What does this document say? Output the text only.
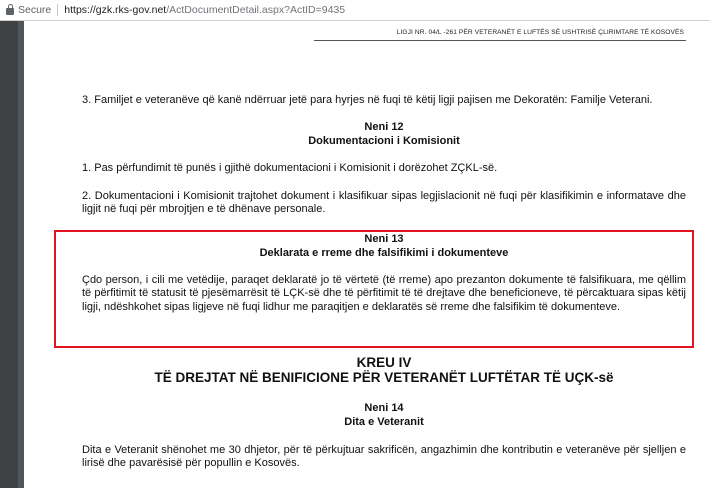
Secure https://gzk.rks-gov.net /ActDocumentDetail.aspx?ActID=9435
LIGJI NR. 04/L -261 PËR VETERANËT E LUFTËS SË USHTRISË ÇLIRIMTARE TË KOSOVËS
3. Familjet e veteranëve që kanë ndërruar jetë para hyrjes në fuqi të këtij ligji pajisen me Dekoratën: Familje Veterani.
Neni 12
Dokumentacioni i Komisionit
1. Pas përfundimit të punës i gjithë dokumentacioni i Komisionit i dorëzohet ZÇKL-së.
2. Dokumentacioni i Komisionit trajtohet dokument i klasifikuar sipas legjislacionit në fuqi për klasifikimin e informatave dhe ligjit në fuqi për mbrojtjen e të dhënave personale.
Neni 13
Deklarata e rreme dhe falsifikimi i dokumenteve
Çdo person, i cili me vetëdije, paraqet deklaratë jo të vërtetë (të rreme) apo prezanton dokumente të falsifikuara, me qëllim të përfitimit të statusit të pjesëmarrësit të LÇK-së dhe të përfitimit të të drejtave dhe beneficioneve, të përcaktuara sipas këtij ligji, ndëshkohet sipas ligjeve në fuqi lidhur me paraqitjen e deklaratës së rreme dhe falsifikim të dokumenteve.
KREU IV
TË DREJTAT NË BENIFICIONE PËR VETERANËT LUFTËTAR TË UÇK-së
Neni 14
Dita e Veteranit
Dita e Veteranit shënohet me 30 dhjetor, për të përkujtuar sakrificën, angazhimin dhe kontributin e veteranëve për sjelljen e lirisë dhe pavarësisë për popullin e Kosovës.
